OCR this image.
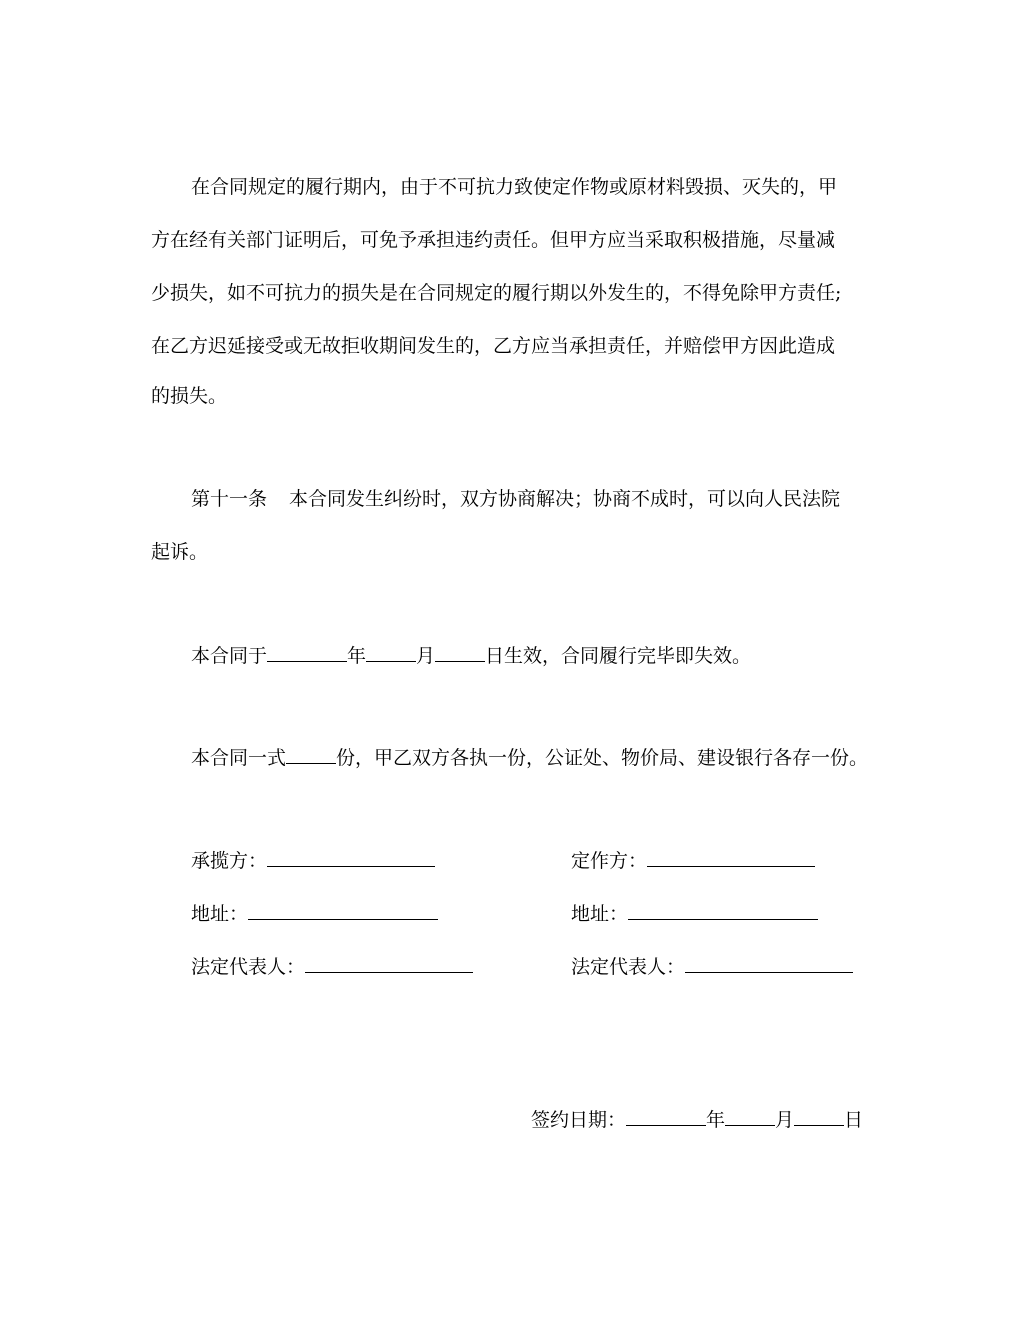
在合同规定的履行期内，由于不可抗力致使定作物或原材料毁损、灭失的，甲
方在经有关部门证明后，可免予承担违约责任。但甲方应当采取积极措施，尽量减
少损失，如不可抗力的损失是在合同规定的履行期以外发生的，不得免除甲方责任;
在乙方迟延接受或无故拒收期间发生的，乙方应当承担责任，并赔偿甲方因此造成
的损失。
第十一条 本合同发生纠纷时，双方协商解决；协商不成时，可以向人民法院
起诉。
本合同于	年	月	日生效，合同履行完毕即失效。
本合同一式	份，甲乙双方各执一份，公证处、物价局、建设银行各存一份。
承揽方：
地址：
法定代表人：
定作方：
地址：
法定代表人：
签约日期：	年	月	日
